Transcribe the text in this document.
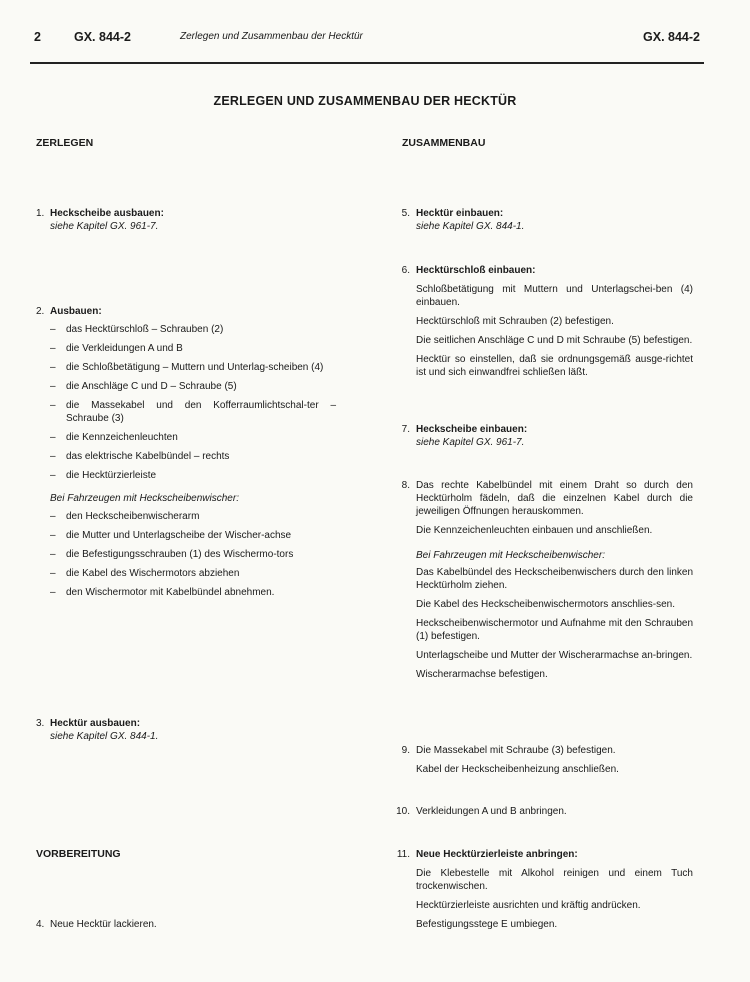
2	GX. 844-2	Zerlegen und Zusammenbau der Hecktür	GX. 844-2
ZERLEGEN UND ZUSAMMENBAU DER HECKTÜR
ZERLEGEN
1. Heckscheibe ausbauen:
siehe Kapitel GX. 961-7.
2. Ausbauen:
– das Hecktürschloß – Schrauben (2)
– die Verkleidungen A und B
– die Schloßbetätigung – Muttern und Unterlag-scheiben (4)
– die Anschläge C und D – Schraube (5)
– die Massekabel und den Kofferraumlichtschal-ter – Schraube (3)
– die Kennzeichenleuchten
– das elektrische Kabelbündel – rechts
– die Hecktürzierleiste
Bei Fahrzeugen mit Heckscheibenwischer:
– den Heckscheibenwischerarm
– die Mutter und Unterlagscheibe der Wischer-achse
– die Befestigungsschrauben (1) des Wischermo-tors
– die Kabel des Wischermotors abziehen
– den Wischermotor mit Kabelbündel abnehmen.
3. Hecktür ausbauen:
siehe Kapitel GX. 844-1.
VORBEREITUNG
4. Neue Hecktür lackieren.
ZUSAMMENBAU
5. Hecktür einbauen:
siehe Kapitel GX. 844-1.
6. Hecktürschloß einbauen:
Schloßbetätigung mit Muttern und Unterlagschei-ben (4) einbauen.
Hecktürschloß mit Schrauben (2) befestigen.
Die seitlichen Anschläge C und D mit Schraube (5) befestigen.
Hecktür so einstellen, daß sie ordnungsgemäß ausge-richtet ist und sich einwandfrei schließen läßt.
7. Heckscheibe einbauen:
siehe Kapitel GX. 961-7.
8. Das rechte Kabelbündel mit einem Draht so durch den Hecktürholm fädeln, daß die einzelnen Kabel durch die jeweiligen Öffnungen herauskommen.
Die Kennzeichenleuchten einbauen und anschließen.
Bei Fahrzeugen mit Heckscheibenwischer:
Das Kabelbündel des Heckscheibenwischers durch den linken Hecktürholm ziehen.
Die Kabel des Heckscheibenwischermotors anschlies-sen.
Heckscheibenwischermotor und Aufnahme mit den Schrauben (1) befestigen.
Unterlagscheibe und Mutter der Wischerarmachse an-bringen.
Wischerarmachse befestigen.
9. Die Massekabel mit Schraube (3) befestigen.
Kabel der Heckscheibenheizung anschließen.
10. Verkleidungen A und B anbringen.
11. Neue Hecktürzierleiste anbringen:
Die Klebestelle mit Alkohol reinigen und einem Tuch trockenwischen.
Hecktürzierleiste ausrichten und kräftig andrücken.
Befestigungsstege E umbiegen.
